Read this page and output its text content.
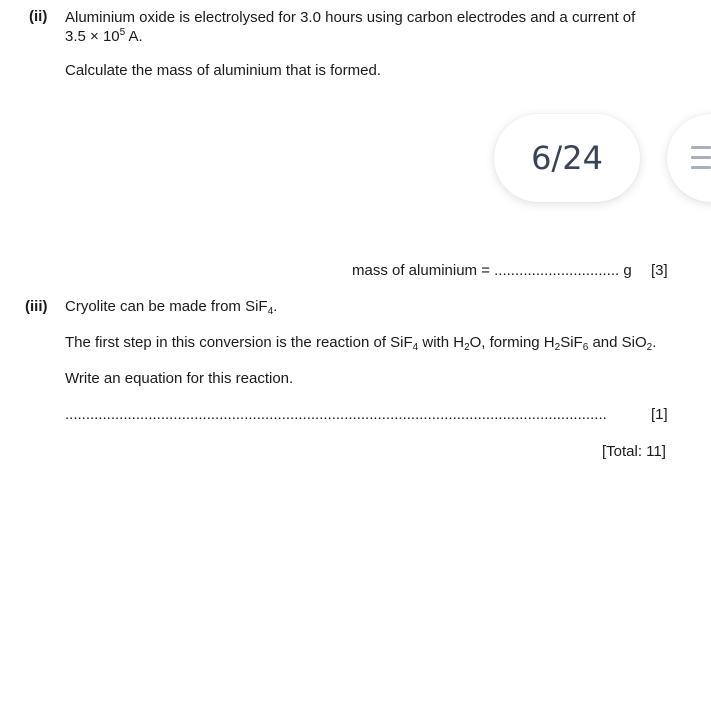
(ii) Aluminium oxide is electrolysed for 3.0 hours using carbon electrodes and a current of
$3.5 \times 10^5$ A.
Calculate the mass of aluminium that is formed.
6/24
mass of aluminium = .............................. g [3]
(iii) Cryolite can be made from SiF$_4$.
The first step in this conversion is the reaction of SiF$_4$ with $H_2O$, forming $H_2SiF_6$ and SiO$_2$.
Write an equation for this reaction.
..................................................................................................................................	[1]
[Total: 11]
